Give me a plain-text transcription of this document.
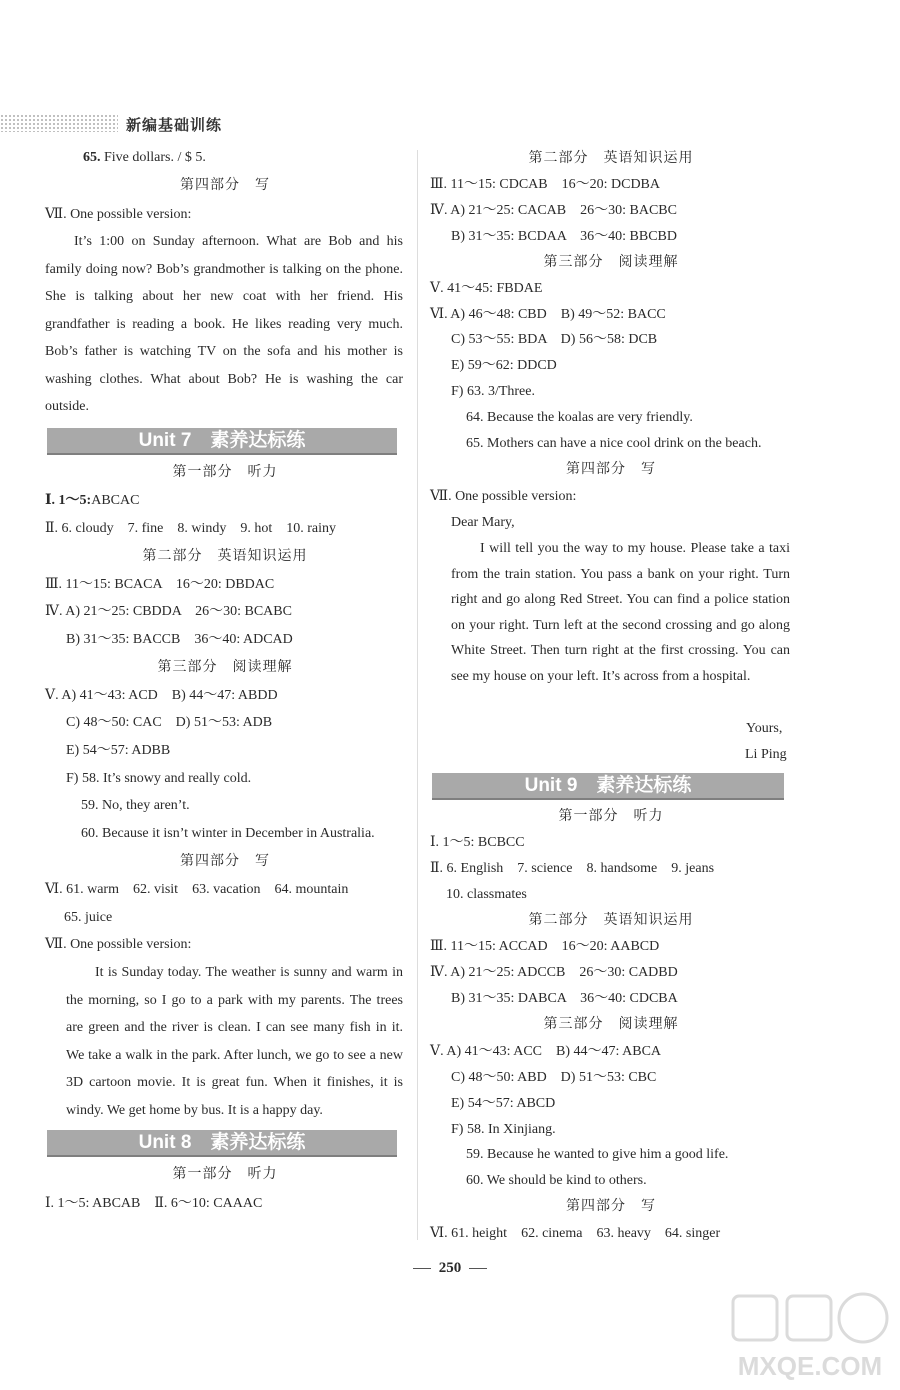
新编基础训练
65. Five dollars. / $ 5.
第四部分　写
Ⅶ. One possible version:
It’s 1:00 on Sunday afternoon. What are Bob and his family doing now? Bob’s grandmother is talking on the phone. She is talking about her new coat with her friend. His grandfather is reading a book. He likes reading very much. Bob’s father is watching TV on the sofa and his mother is washing clothes. What about Bob? He is washing the car outside.
Unit 7　素养达标练
第一部分　听力
Ⅰ. 1～5:ABCAC
Ⅱ. 6. cloudy　7. fine　8. windy　9. hot　10. rainy
第二部分　英语知识运用
Ⅲ. 11～15: BCACA　16～20: DBDAC
Ⅳ. A) 21～25: CBDDA　26～30: BCABC
B) 31～35: BACCB　36～40: ADCAD
第三部分　阅读理解
Ⅴ. A) 41～43: ACD　B) 44～47: ABDD
C) 48～50: CAC　D) 51～53: ADB
E) 54～57: ADBB
F) 58. It’s snowy and really cold.
59. No, they aren’t.
60. Because it isn’t winter in December in Australia.
第四部分　写
Ⅵ. 61. warm　62. visit　63. vacation　64. mountain
65. juice
Ⅶ. One possible version:
It is Sunday today. The weather is sunny and warm in the morning, so I go to a park with my parents. The trees are green and the river is clean. I can see many fish in it. We take a walk in the park. After lunch, we go to see a new 3D cartoon movie. It is great fun. When it finishes, it is windy. We get home by bus. It is a happy day.
Unit 8　素养达标练
第一部分　听力
Ⅰ. 1～5: ABCAB　Ⅱ. 6～10: CAAAC
第二部分　英语知识运用
Ⅲ. 11～15: CDCAB　16～20: DCDBA
Ⅳ. A) 21～25: CACAB　26～30: BACBC
B) 31～35: BCDAA　36～40: BBCBD
第三部分　阅读理解
Ⅴ. 41～45: FBDAE
Ⅵ. A) 46～48: CBD　B) 49～52: BACC
C) 53～55: BDA　D) 56～58: DCB
E) 59～62: DDCD
F) 63. 3/Three.
64. Because the koalas are very friendly.
65. Mothers can have a nice cool drink on the beach.
第四部分　写
Ⅶ. One possible version:
Dear Mary,
I will tell you the way to my house. Please take a taxi from the train station. You pass a bank on your right. Turn right and go along Red Street. You can find a police station on your right. Turn left at the second crossing and go along White Street. Then turn right at the first crossing. You can see my house on your left. It’s across from a hospital.
Yours,
Li Ping
Unit 9　素养达标练
第一部分　听力
Ⅰ. 1～5: BCBCC
Ⅱ. 6. English　7. science　8. handsome　9. jeans
10. classmates
第二部分　英语知识运用
Ⅲ. 11～15: ACCAD　16～20: AABCD
Ⅳ. A) 21～25: ADCCB　26～30: CADBD
B) 31～35: DABCA　36～40: CDCBA
第三部分　阅读理解
Ⅴ. A) 41～43: ACC　B) 44～47: ABCA
C) 48～50: ABD　D) 51～53: CBC
E) 54～57: ABCD
F) 58. In Xinjiang.
59. Because he wanted to give him a good life.
60. We should be kind to others.
第四部分　写
Ⅵ. 61. height　62. cinema　63. heavy　64. singer
250
MXQE.COM
